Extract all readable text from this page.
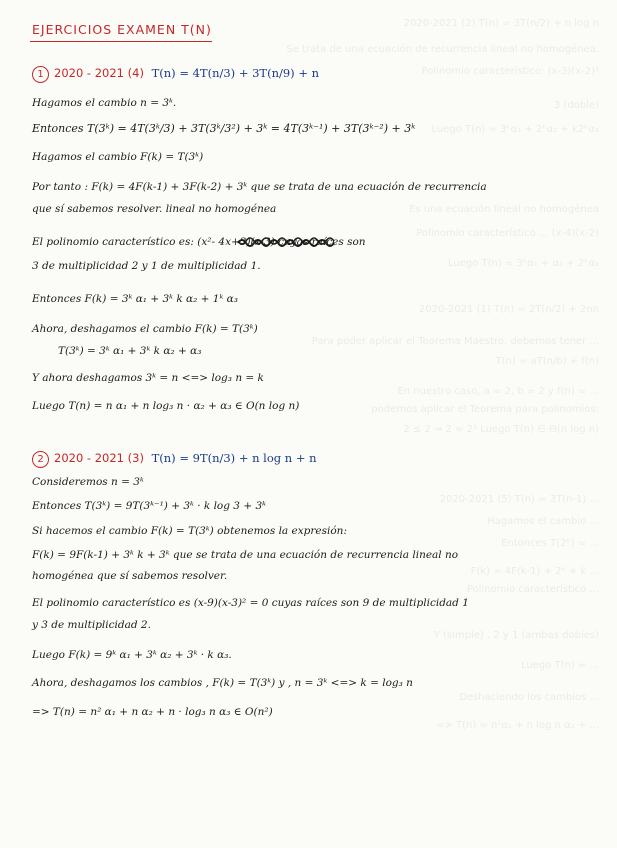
2020-2021 (2) T(n) = 3T(n/2) + n log n
Se trata de una ecuación de recurrencia lineal no homogénea.
Polinomio característico: (x-3)(x-2)²
3 (doble)
Luego T(n) = 3ᵏα₁ + 2ᵏα₂ + k2ᵏα₃
Es una ecuación lineal no homogénea
Polinomio característico ... (x-4)(x-2)
Luego T(n) = 3ᵏα₁ + α₂ + 2ᵏα₃
2020-2021 (1) T(n) = 2T(n/2) + 2nn
Para poder aplicar el Teorema Maestro, debemos tener ...
T(n) = aT(n/b) + f(n)
En nuestro caso, a = 2, b = 2 y f(n) = ...
podemos aplicar el Teorema para polinomios:
2 ≤ 2 ⇒ 2 = 2¹ Luego T(n) ∈ Θ(n log n)
2020-2021 (5) T(n) = 3T(n-1) ...
Hagamos el cambio ...
Entonces T(2ᵏ) = ...
F(k) = 4F(k-1) + 2ᵏ + k ...
Polinomio característico ...
Y (simple) , 2 y 1 (ambas dobles)
Luego T(n) = ...
Deshaciendo los cambios ...
=> T(n) = n²α₁ + n log n α₂ + ...
EJERCICIOS EXAMEN T(N)
1 2020 - 2021 (4) T(n) = 4T(n/3) + 3T(n/9) + n
Hagamos el cambio n = 3ᵏ.
Entonces T(3ᵏ) = 4T(3ᵏ/3) + 3T(3ᵏ/3²) + 3ᵏ = 4T(3ᵏ⁻¹) + 3T(3ᵏ⁻²) + 3ᵏ
Hagamos el cambio F(k) = T(3ᵏ)
Por tanto : F(k) = 4F(k-1) + 3F(k-2) + 3ᵏ que se trata de una ecuación de recurrencia
que sí sabemos resolver. lineal no homogénea
El polinomio característico es: (x²- 4x+3)(x-3) cuyas raíces son
3 de multiplicidad 2 y 1 de multiplicidad 1.
Entonces F(k) = 3ᵏ α₁ + 3ᵏ k α₂ + 1ᵏ α₃
Ahora, deshagamos el cambio F(k) = T(3ᵏ)
T(3ᵏ) = 3ᵏ α₁ + 3ᵏ k α₂ + α₃
Y ahora deshagamos 3ᵏ = n <=> log₃ n = k
Luego T(n) = n α₁ + n log₃ n · α₂ + α₃ ∈ O(n log n)
2 2020 - 2021 (3) T(n) = 9T(n/3) + n log n + n
Consideremos n = 3ᵏ
Entonces T(3ᵏ) = 9T(3ᵏ⁻¹) + 3ᵏ · k log 3 + 3ᵏ
Si hacemos el cambio F(k) = T(3ᵏ) obtenemos la expresión:
F(k) = 9F(k-1) + 3ᵏ k + 3ᵏ que se trata de una ecuación de recurrencia lineal no
homogénea que sí sabemos resolver.
El polinomio característico es (x-9)(x-3)² = 0 cuyas raíces son 9 de multiplicidad 1
y 3 de multiplicidad 2.
Luego F(k) = 9ᵏ α₁ + 3ᵏ α₂ + 3ᵏ · k α₃.
Ahora, deshagamos los cambios , F(k) = T(3ᵏ) y , n = 3ᵏ <=> k = log₃ n
=> T(n) = n² α₁ + n α₂ + n · log₃ n α₃ ∈ O(n²)
